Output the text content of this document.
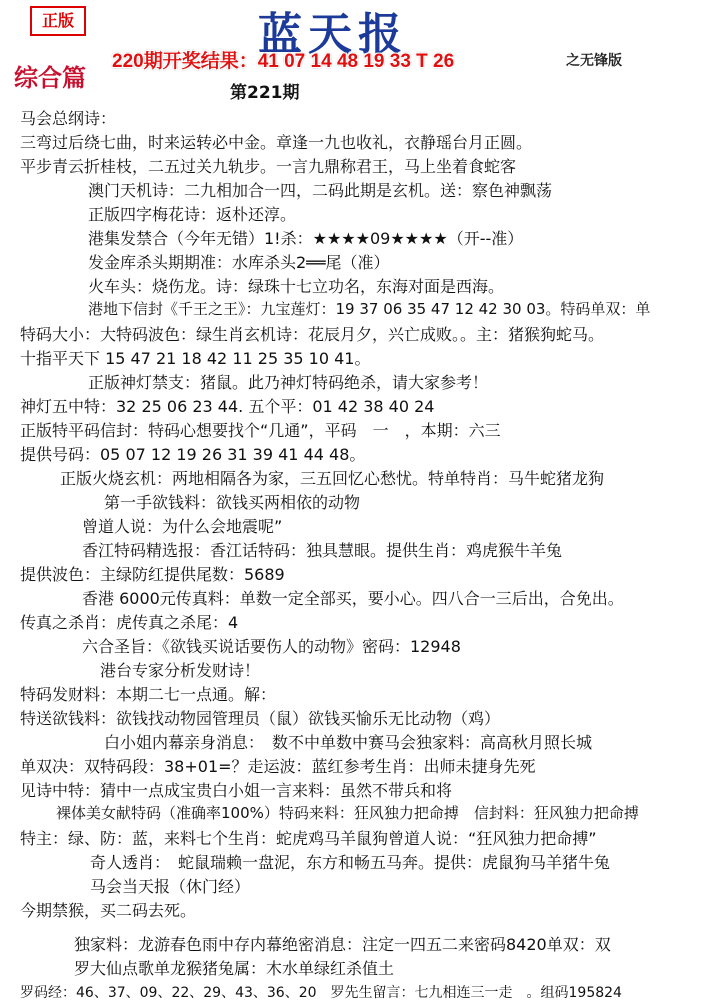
正版	蓝天报
220期开奖结果：41 07 14 48 19 33 T 26	之无锋版
综合篇
第221期
马会总纲诗：
三弯过后绕七曲，时来运转必中金。章逢一九也收礼，衣静瑶台月正圆。
平步青云折桂枝，二五过关九轨步。一言九鼎称君王，马上坐着食蛇客
澳门天机诗：二九相加合一四，二码此期是玄机。送：察色神飘荡
正版四字梅花诗：返朴还淳。
港集发禁合（今年无错）1!杀：★★★★09★★★★（开--准）
发金库杀头期期准：水库杀头2══尾（准）
火车头：烧伤龙。诗：绿珠十七立功名，东海对面是西海。
港地下信封《千王之王》：九宝莲灯：19 37 06 35 47 12 42 30 03。特码单双：单
特码大小：大特码波色：绿生肖玄机诗：花辰月夕，兴亡成败。。主：猪猴狗蛇马。
十指平天下 15 47 21 18 42 11 25 35 10 41。
正版神灯禁支：猪鼠。此乃神灯特码绝杀，请大家参考！
神灯五中特：32 25 06 23 44. 五个平：01 42 38 40 24
正版特平码信封：特码心想要找个“几通”，平码　一　，本期：六三
提供号码：05 07 12 19 26 31 39 41 44 48。
正版火烧玄机：两地相隔各为家，三五回忆心愁忧。特单特肖：马牛蛇猪龙狗
第一手欲钱料：欲钱买两相依的动物
曾道人说：为什么会地震呢”
香江特码精选报：香江话特码：独具慧眼。提供生肖：鸡虎猴牛羊兔
提供波色：主绿防红提供尾数：5689
香港 6000元传真料：单数一定全部买，要小心。四八合一三后出，合免出。
传真之杀肖：虎传真之杀尾：4
六合圣旨：《欲钱买说话要伤人的动物》密码：12948
港台专家分析发财诗！
特码发财料：本期二七一点通。解：
特送欲钱料：欲钱找动物园管理员（鼠）欲钱买愉乐无比动物（鸡）
白小姐内幕亲身消息：　数不中单数中赛马会独家料：高高秋月照长城
单双决：双特码段：38+01=？走运波：蓝红参考生肖：出师未捷身先死
见诗中特：猜中一点成宝贵白小姐一言来料：虽然不带兵和将
裸体美女献特码（准确率100%）特码来料：狂风独力把命搏　信封料：狂风独力把命搏
特主：绿、防：蓝，来料七个生肖：蛇虎鸡马羊鼠狗曾道人说：“狂风独力把命搏”
奇人透肖：　蛇鼠瑞赖一盘泥，东方和畅五马奔。提供：虎鼠狗马羊猪牛兔
马会当天报（休门经）
今期禁猴，买二码去死。
独家料：龙游春色雨中存内幕绝密消息：注定一四五二来密码8420单双：双
罗大仙点歌单龙猴猪兔属：木水单绿红杀值土
罗码经：46、37、09、22、29、43、36、20　罗先生留言：七九相连三一走　。组码195824
